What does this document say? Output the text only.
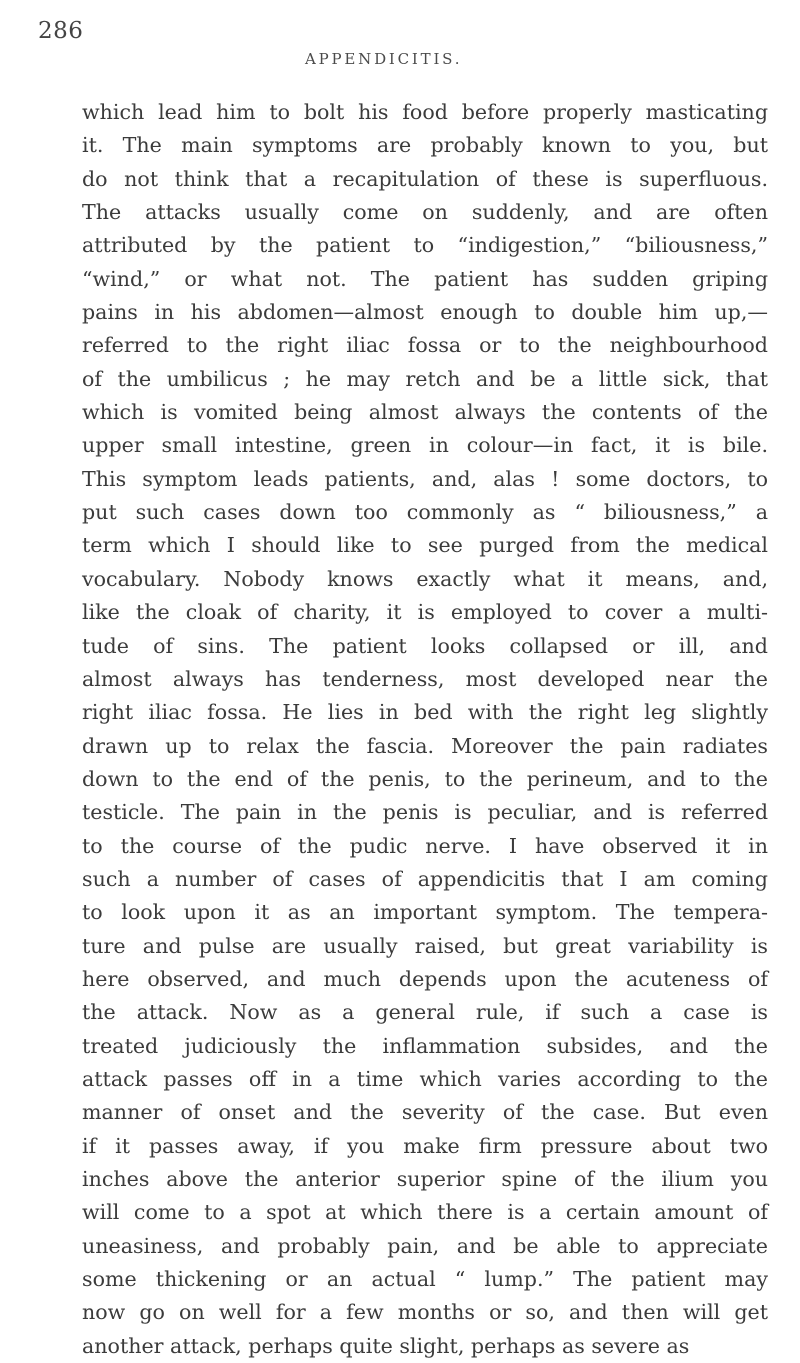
286
APPENDICITIS.
which lead him to bolt his food before properly masticating
it. The main symptoms are probably known to you, but
do not think that a recapitulation of these is superfluous.
The attacks usually come on suddenly, and are often
attributed by the patient to “indigestion,” “biliousness,”
“wind,” or what not. The patient has sudden griping
pains in his abdomen—almost enough to double him up,—
referred to the right iliac fossa or to the neighbourhood
of the umbilicus ; he may retch and be a little sick, that
which is vomited being almost always the contents of the
upper small intestine, green in colour—in fact, it is bile.
This symptom leads patients, and, alas ! some doctors, to
put such cases down too commonly as “ biliousness,” a
term which I should like to see purged from the medical
vocabulary. Nobody knows exactly what it means, and,
like the cloak of charity, it is employed to cover a multi-
tude of sins. The patient looks collapsed or ill, and
almost always has tenderness, most developed near the
right iliac fossa. He lies in bed with the right leg slightly
drawn up to relax the fascia. Moreover the pain radiates
down to the end of the penis, to the perineum, and to the
testicle. The pain in the penis is peculiar, and is referred
to the course of the pudic nerve. I have observed it in
such a number of cases of appendicitis that I am coming
to look upon it as an important symptom. The tempera-
ture and pulse are usually raised, but great variability is
here observed, and much depends upon the acuteness of
the attack. Now as a general rule, if such a case is
treated judiciously the inflammation subsides, and the
attack passes off in a time which varies according to the
manner of onset and the severity of the case. But even
if it passes away, if you make firm pressure about two
inches above the anterior superior spine of the ilium you
will come to a spot at which there is a certain amount of
uneasiness, and probably pain, and be able to appreciate
some thickening or an actual “ lump.” The patient may
now go on well for a few months or so, and then will get
another attack, perhaps quite slight, perhaps as severe as
